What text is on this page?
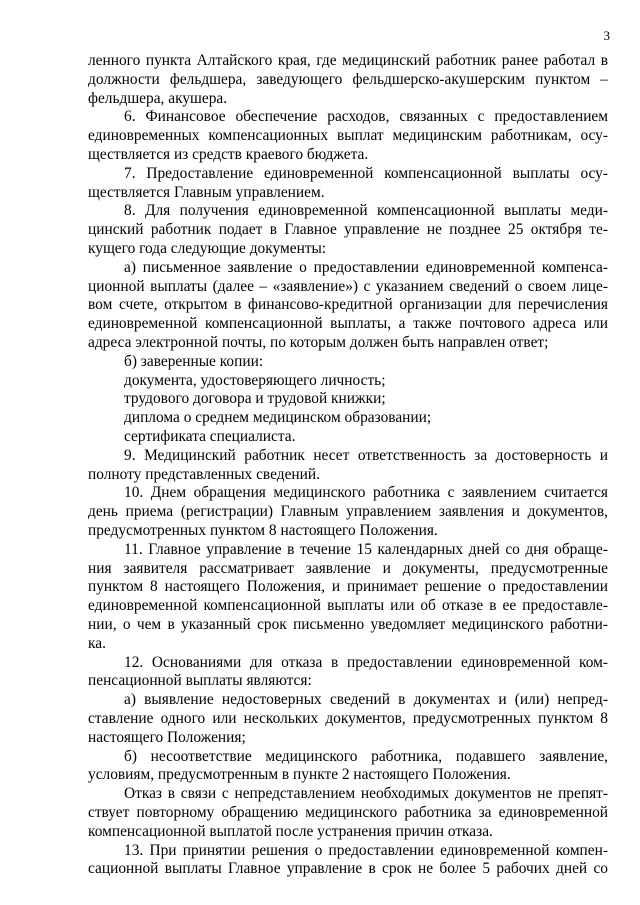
3
ленного пункта Алтайского края, где медицинский работник ранее работал в
должности фельдшера, заведующего фельдшерско-акушерским пунктом –
фельдшера, акушера.
6. Финансовое обеспечение расходов, связанных с предоставлением
единовременных компенсационных выплат медицинским работникам, осу-
ществляется из средств краевого бюджета.
7. Предоставление единовременной компенсационной выплаты осу-
ществляется Главным управлением.
8. Для получения единовременной компенсационной выплаты меди-
цинский работник подает в Главное управление не позднее 25 октября те-
кущего года следующие документы:
а) письменное заявление о предоставлении единовременной компенса-
ционной выплаты (далее – «заявление») с указанием сведений о своем лице-
вом счете, открытом в финансово-кредитной организации для перечисления
единовременной компенсационной выплаты, а также почтового адреса или
адреса электронной почты, по которым должен быть направлен ответ;
б) заверенные копии:
документа, удостоверяющего личность;
трудового договора и трудовой книжки;
диплома о среднем медицинском образовании;
сертификата специалиста.
9. Медицинский работник несет ответственность за достоверность и
полноту представленных сведений.
10. Днем обращения медицинского работника с заявлением считается
день приема (регистрации) Главным управлением заявления и документов,
предусмотренных пунктом 8 настоящего Положения.
11. Главное управление в течение 15 календарных дней со дня обраще-
ния заявителя рассматривает заявление и документы, предусмотренные
пунктом 8 настоящего Положения, и принимает решение о предоставлении
единовременной компенсационной выплаты или об отказе в ее предоставле-
нии, о чем в указанный срок письменно уведомляет медицинского работни-
ка.
12. Основаниями для отказа в предоставлении единовременной ком-
пенсационной выплаты являются:
а) выявление недостоверных сведений в документах и (или) непред-
ставление одного или нескольких документов, предусмотренных пунктом 8
настоящего Положения;
б) несоответствие медицинского работника, подавшего заявление,
условиям, предусмотренным в пункте 2 настоящего Положения.
Отказ в связи с непредставлением необходимых документов не препят-
ствует повторному обращению медицинского работника за единовременной
компенсационной выплатой после устранения причин отказа.
13. При принятии решения о предоставлении единовременной компен-
сационной выплаты Главное управление в срок не более 5 рабочих дней со
